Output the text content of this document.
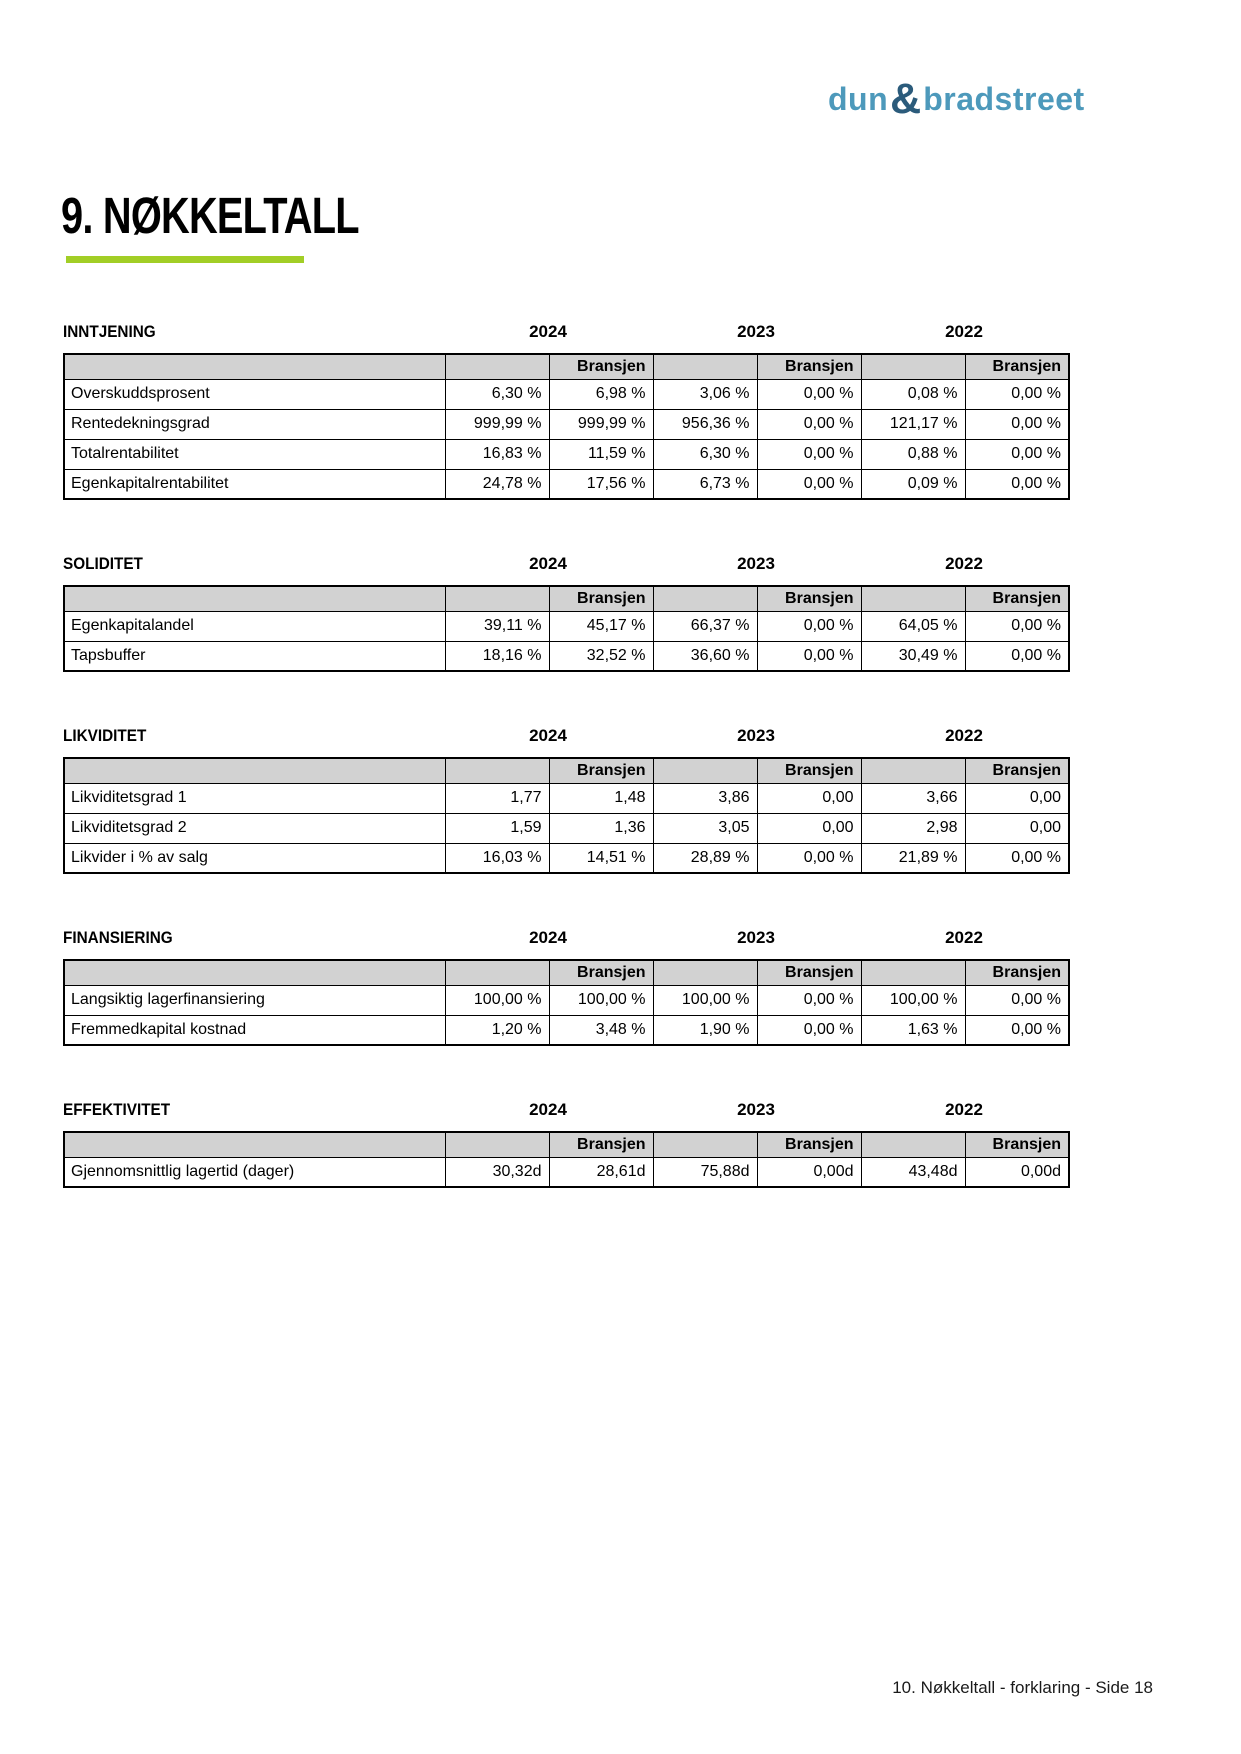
dun & bradstreet
9. NØKKELTALL
INNTJENING	2024	2023	2022
		Bransjen		Bransjen		Bransjen
Overskuddsprosent	6,30 %	6,98 %	3,06 %	0,00 %	0,08 %	0,00 %
Rentedekningsgrad	999,99 %	999,99 %	956,36 %	0,00 %	121,17 %	0,00 %
Totalrentabilitet	16,83 %	11,59 %	6,30 %	0,00 %	0,88 %	0,00 %
Egenkapitalrentabilitet	24,78 %	17,56 %	6,73 %	0,00 %	0,09 %	0,00 %
SOLIDITET	2024	2023	2022
		Bransjen		Bransjen		Bransjen
Egenkapitalandel	39,11 %	45,17 %	66,37 %	0,00 %	64,05 %	0,00 %
Tapsbuffer	18,16 %	32,52 %	36,60 %	0,00 %	30,49 %	0,00 %
LIKVIDITET	2024	2023	2022
		Bransjen		Bransjen		Bransjen
Likviditetsgrad 1	1,77	1,48	3,86	0,00	3,66	0,00
Likviditetsgrad 2	1,59	1,36	3,05	0,00	2,98	0,00
Likvider i % av salg	16,03 %	14,51 %	28,89 %	0,00 %	21,89 %	0,00 %
FINANSIERING	2024	2023	2022
		Bransjen		Bransjen		Bransjen
Langsiktig lagerfinansiering	100,00 %	100,00 %	100,00 %	0,00 %	100,00 %	0,00 %
Fremmedkapital kostnad	1,20 %	3,48 %	1,90 %	0,00 %	1,63 %	0,00 %
EFFEKTIVITET	2024	2023	2022
		Bransjen		Bransjen		Bransjen
Gjennomsnittlig lagertid (dager)	30,32d	28,61d	75,88d	0,00d	43,48d	0,00d
10. Nøkkeltall - forklaring - Side 18
